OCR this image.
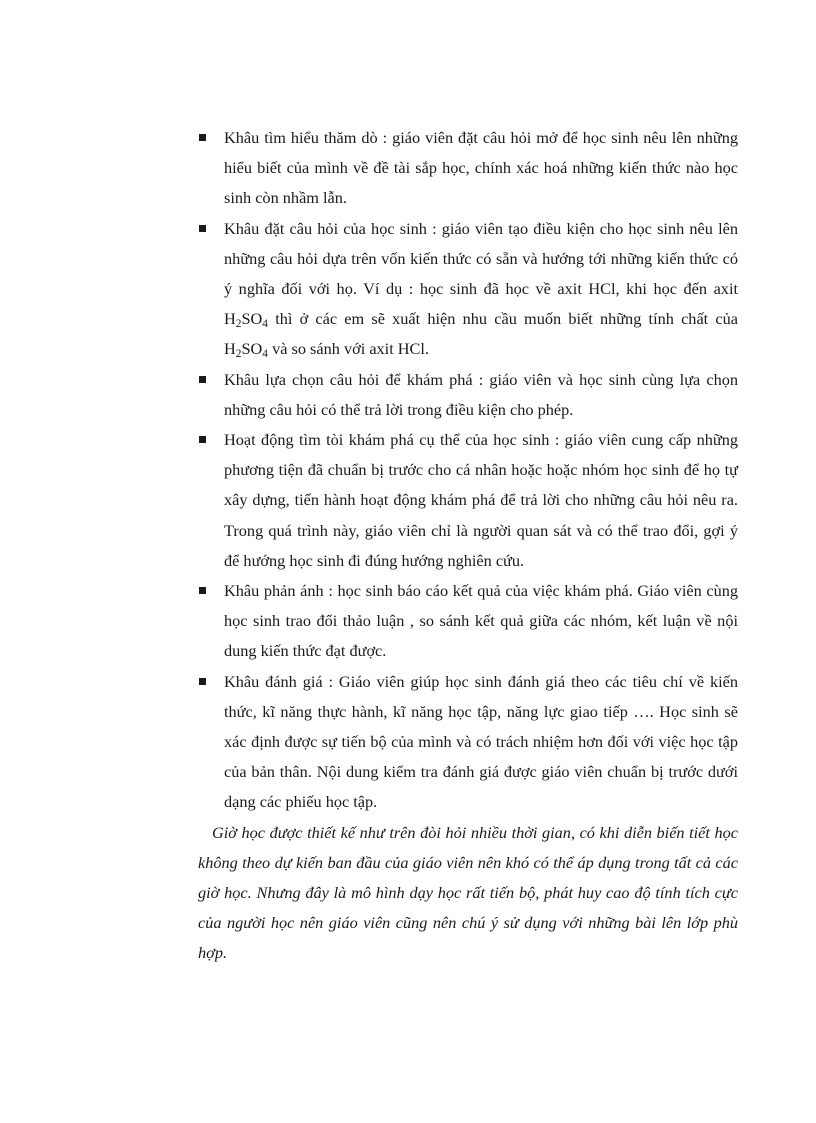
Khâu tìm hiểu thăm dò : giáo viên đặt câu hỏi mở để học sinh nêu lên những hiểu biết của mình về đề tài sắp học, chính xác hoá những kiến thức nào học sinh còn nhầm lẫn.
Khâu đặt câu hỏi của học sinh : giáo viên tạo điều kiện cho học sinh nêu lên những câu hỏi dựa trên vốn kiến thức có sẵn và hướng tới những kiến thức có ý nghĩa đối với họ. Ví dụ : học sinh đã học về axit HCl, khi học đến axit $H_2SO_4$ thì ở các em sẽ xuất hiện nhu cầu muốn biết những tính chất của $H_2SO_4$ và so sánh với axit HCl.
Khâu lựa chọn câu hỏi để khám phá : giáo viên và học sinh cùng lựa chọn những câu hỏi có thể trả lời trong điều kiện cho phép.
Hoạt động tìm tòi khám phá cụ thể của học sinh : giáo viên cung cấp những phương tiện đã chuẩn bị trước cho cá nhân hoặc hoặc nhóm học sinh để họ tự xây dựng, tiến hành hoạt động khám phá để trả lời cho những câu hỏi nêu ra. Trong quá trình này, giáo viên chỉ là người quan sát và có thể trao đổi, gợi ý để hướng học sinh đi đúng hướng nghiên cứu.
Khâu phản ánh : học sinh báo cáo kết quả của việc khám phá. Giáo viên cùng học sinh trao đổi thảo luận , so sánh kết quả giữa các nhóm, kết luận về nội dung kiến thức đạt được.
Khâu đánh giá : Giáo viên giúp học sinh đánh giá theo các tiêu chí về kiến thức, kĩ năng thực hành, kĩ năng học tập, năng lực giao tiếp …. Học sinh sẽ xác định được sự tiến bộ của mình và có trách nhiệm hơn đối với việc học tập của bản thân. Nội dung kiểm tra đánh giá được giáo viên chuẩn bị trước dưới dạng các phiếu học tập.

Giờ học được thiết kế như trên đòi hỏi nhiều thời gian, có khi diễn biến tiết học không theo dự kiến ban đầu của giáo viên nên khó có thể áp dụng trong tất cả các giờ học. Nhưng đây là mô hình dạy học rất tiến bộ, phát huy cao độ tính tích cực của người học nên giáo viên cũng nên chú ý sử dụng với những bài lên lớp phù hợp.
